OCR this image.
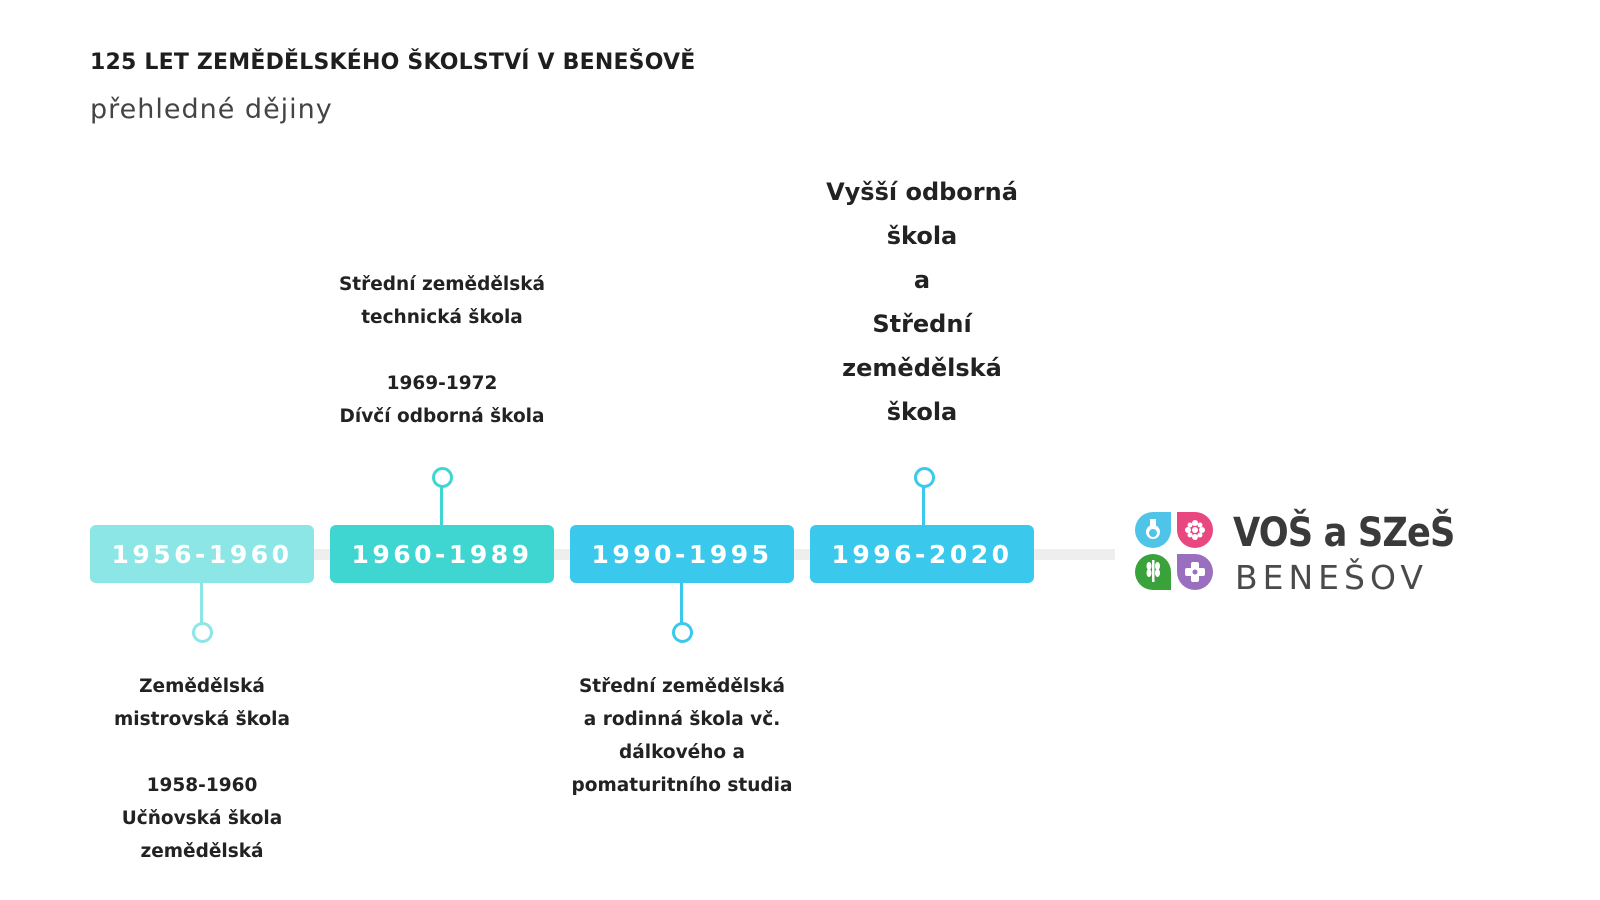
125 LET ZEMĚDĚLSKÉHO ŠKOLSTVÍ V BENEŠOVĚ
přehledné dějiny
1956-1960
Zemědělská
mistrovská škola
1958-1960
Učňovská škola
zemědělská
1960-1989
Střední zemědělská
technická škola
1969-1972
Dívčí odborná škola
1990-1995
Střední zemědělská
a rodinná škola vč.
dálkového a
pomaturitního studia
1996-2020
Vyšší odborná
škola
a
Střední
zemědělská
škola
VOŠ a SZeŠ
BENEŠOV
